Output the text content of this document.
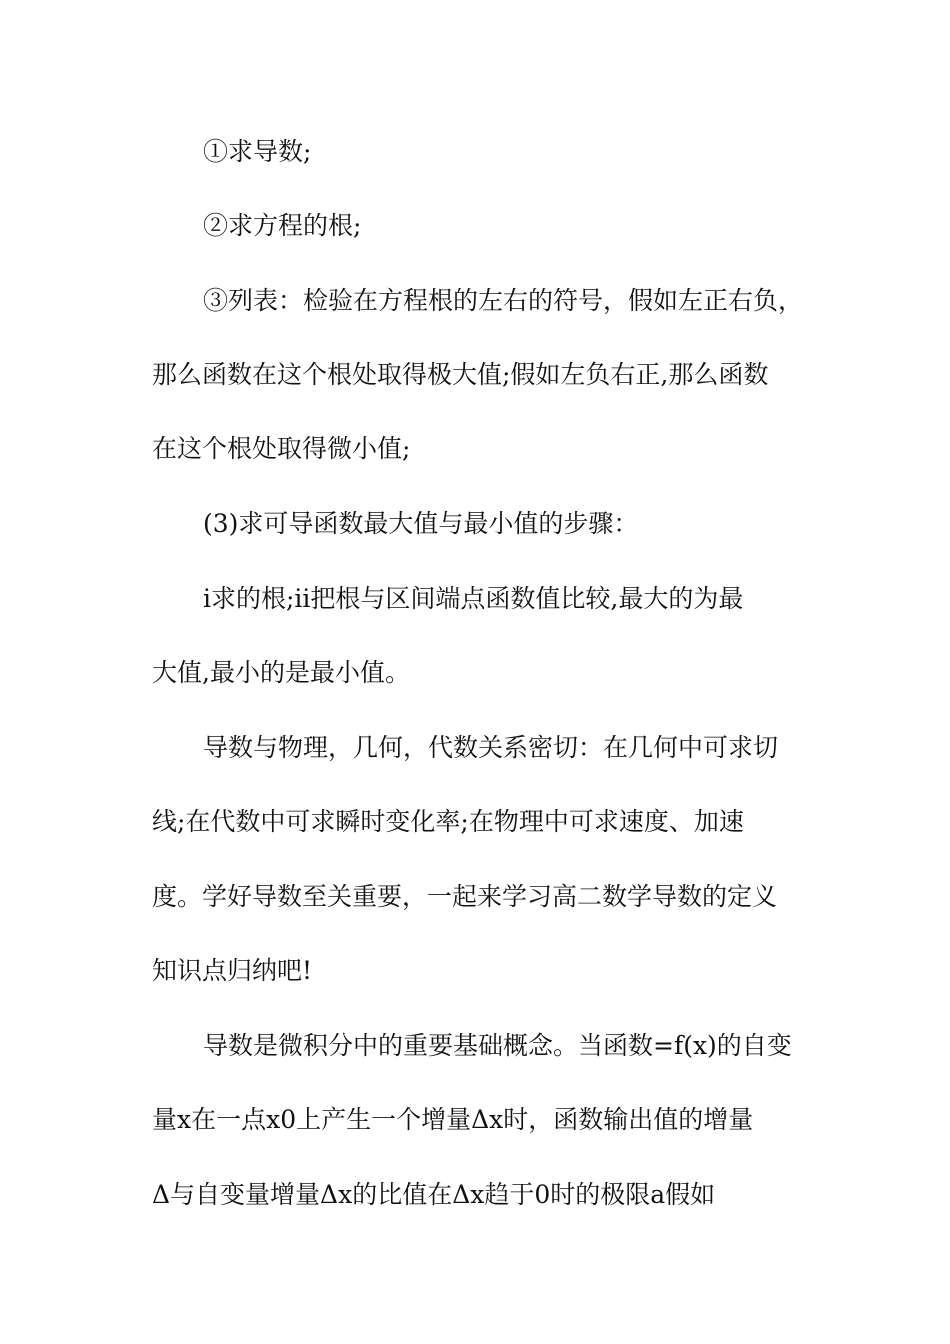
①求导数;
②求方程的根;
③列表：检验在方程根的左右的符号，假如左正右负，
那么函数在这个根处取得极大值;假如左负右正,那么函数
在这个根处取得微小值;
(3)求可导函数最大值与最小值的步骤：
ⅰ求的根;ⅱ把根与区间端点函数值比较,最大的为最
大值,最小的是最小值。
导数与物理，几何，代数关系密切：在几何中可求切
线;在代数中可求瞬时变化率;在物理中可求速度、加速
度。学好导数至关重要，一起来学习高二数学导数的定义
知识点归纳吧!
导数是微积分中的重要基础概念。当函数=f(x)的自变
量x在一点x0上产生一个增量Δx时，函数输出值的增量
Δ与自变量增量Δx的比值在Δx趋于0时的极限a假如
